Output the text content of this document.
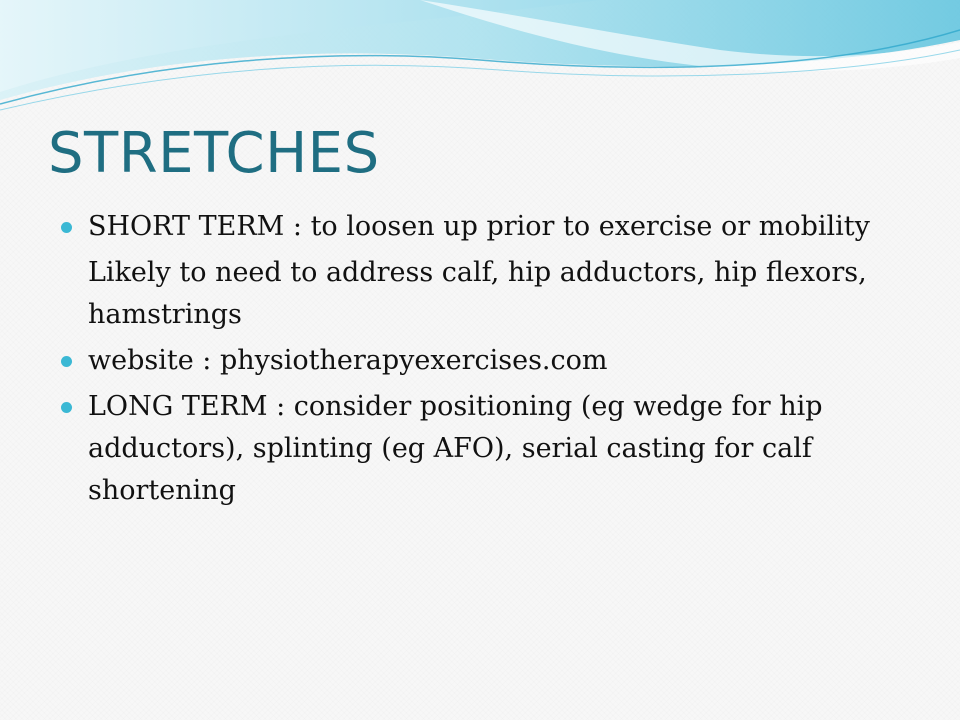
STRETCHES
SHORT TERM : to loosen up prior to exercise or mobility
Likely to need to address calf, hip adductors, hip flexors, hamstrings
website : physiotherapyexercises.com
LONG TERM : consider positioning (eg wedge for hip adductors), splinting (eg AFO), serial casting for calf shortening
